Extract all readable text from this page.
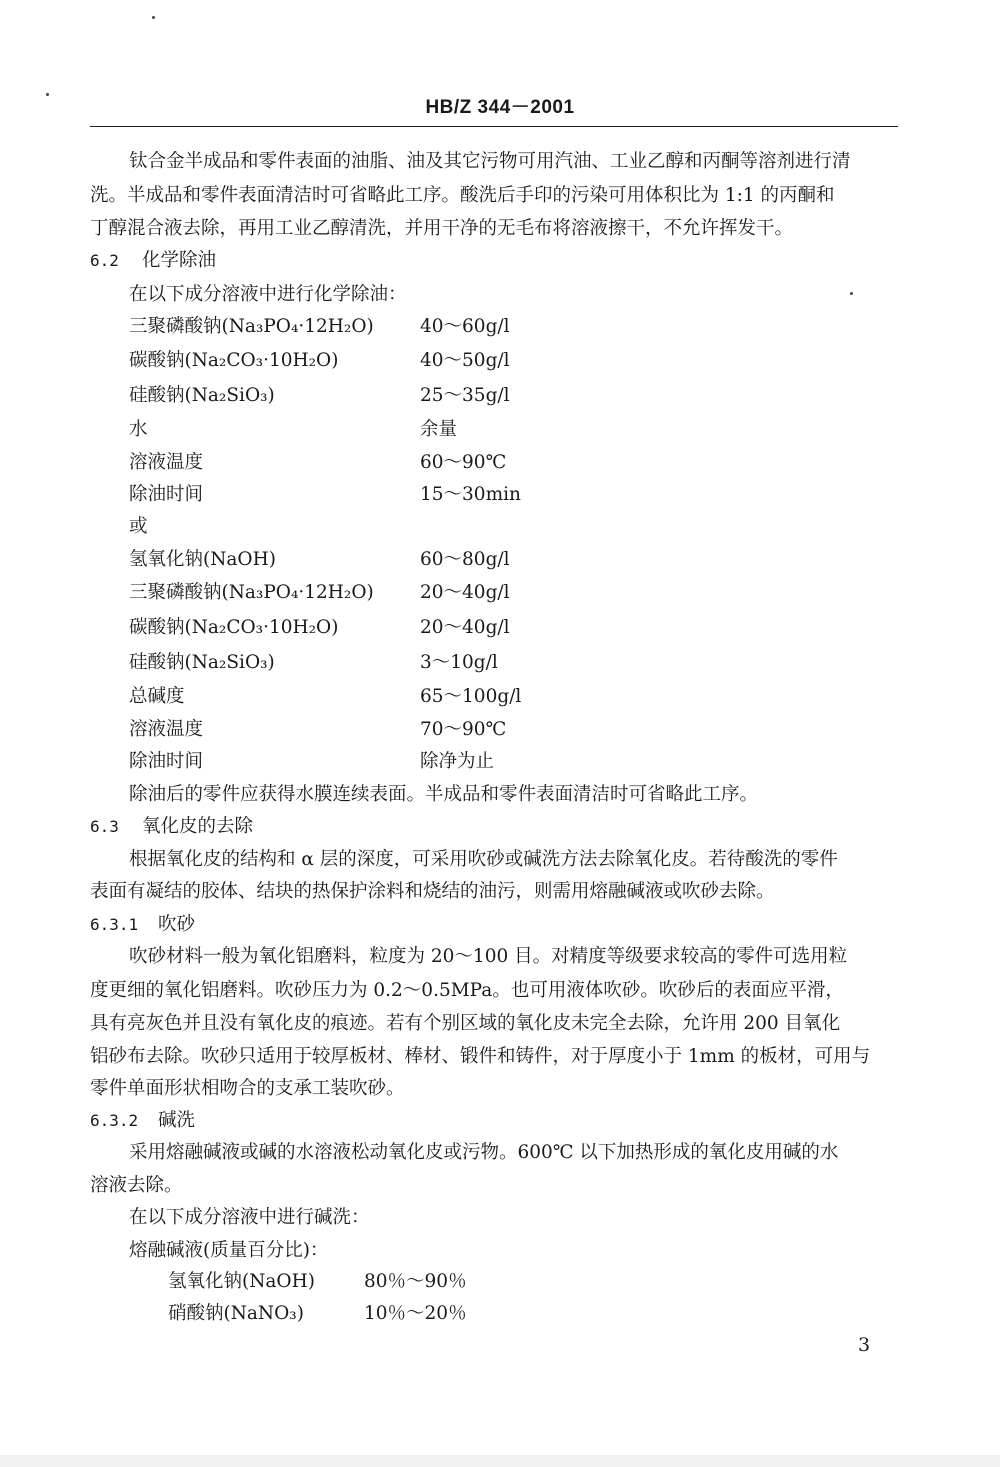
HB/Z 344－2001
钛合金半成品和零件表面的油脂、油及其它污物可用汽油、工业乙醇和丙酮等溶剂进行清
洗。半成品和零件表面清洁时可省略此工序。酸洗后手印的污染可用体积比为 1:1 的丙酮和
丁醇混合液去除，再用工业乙醇清洗，并用干净的无毛布将溶液擦干，不允许挥发干。
6.2 化学除油
在以下成分溶液中进行化学除油：
三聚磷酸钠(Na₃PO₄·12H₂O)	40～60g/l
碳酸钠(Na₂CO₃·10H₂O)	40～50g/l
硅酸钠(Na₂SiO₃)	25～35g/l
水	余量
溶液温度	60～90℃
除油时间	15～30min
或
氢氧化钠(NaOH)	60～80g/l
三聚磷酸钠(Na₃PO₄·12H₂O)	20～40g/l
碳酸钠(Na₂CO₃·10H₂O)	20～40g/l
硅酸钠(Na₂SiO₃)	3～10g/l
总碱度	65～100g/l
溶液温度	70～90℃
除油时间	除净为止
除油后的零件应获得水膜连续表面。半成品和零件表面清洁时可省略此工序。
6.3 氧化皮的去除
根据氧化皮的结构和 α 层的深度，可采用吹砂或碱洗方法去除氧化皮。若待酸洗的零件
表面有凝结的胶体、结块的热保护涂料和烧结的油污，则需用熔融碱液或吹砂去除。
6.3.1 吹砂
吹砂材料一般为氧化铝磨料，粒度为 20～100 目。对精度等级要求较高的零件可选用粒
度更细的氧化铝磨料。吹砂压力为 0.2～0.5MPa。也可用液体吹砂。吹砂后的表面应平滑，
具有亮灰色并且没有氧化皮的痕迹。若有个别区域的氧化皮未完全去除，允许用 200 目氧化
铝砂布去除。吹砂只适用于较厚板材、棒材、锻件和铸件，对于厚度小于 1mm 的板材，可用与
零件单面形状相吻合的支承工装吹砂。
6.3.2 碱洗
采用熔融碱液或碱的水溶液松动氧化皮或污物。600℃ 以下加热形成的氧化皮用碱的水
溶液去除。
在以下成分溶液中进行碱洗：
熔融碱液(质量百分比)：
氢氧化钠(NaOH)	80％～90％
硝酸钠(NaNO₃)	10％～20％
3
